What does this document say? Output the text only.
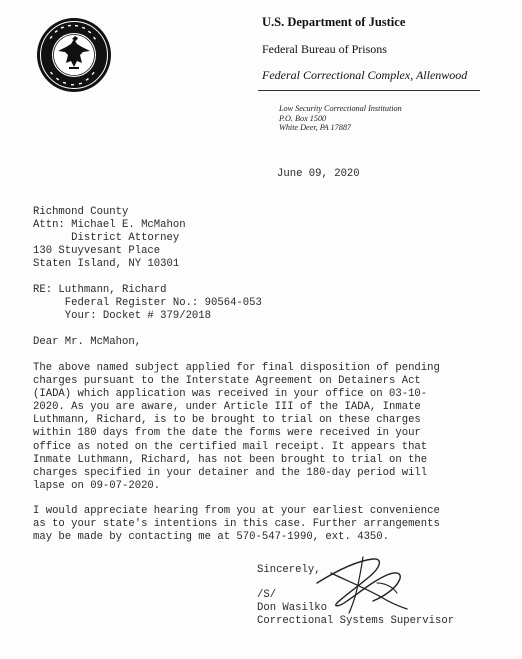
U.S. Department of Justice
Federal Bureau of Prisons
Federal Correctional Complex, Allenwood
Low Security Correctional Institution
P.O. Box 1500
White Deer, PA 17887
June 09, 2020
Richmond County
Attn: Michael E. McMahon
District Attorney
130 Stuyvesant Place
Staten Island, NY 10301
RE: Luthmann, Richard
Federal Register No.: 90564-053
Your: Docket # 379/2018
Dear Mr. McMahon,
The above named subject applied for final disposition of pending
charges pursuant to the Interstate Agreement on Detainers Act
(IADA) which application was received in your office on 03-10-
2020. As you are aware, under Article III of the IADA, Inmate
Luthmann, Richard, is to be brought to trial on these charges
within 180 days from the date the forms were received in your
office as noted on the certified mail receipt. It appears that
Inmate Luthmann, Richard, has not been brought to trial on the
charges specified in your detainer and the 180-day period will
lapse on 09-07-2020.
I would appreciate hearing from you at your earliest convenience
as to your state's intentions in this case. Further arrangements
may be made by contacting me at 570-547-1990, ext. 4350.
Sincerely,
/S/
Don Wasilko
Correctional Systems Supervisor
